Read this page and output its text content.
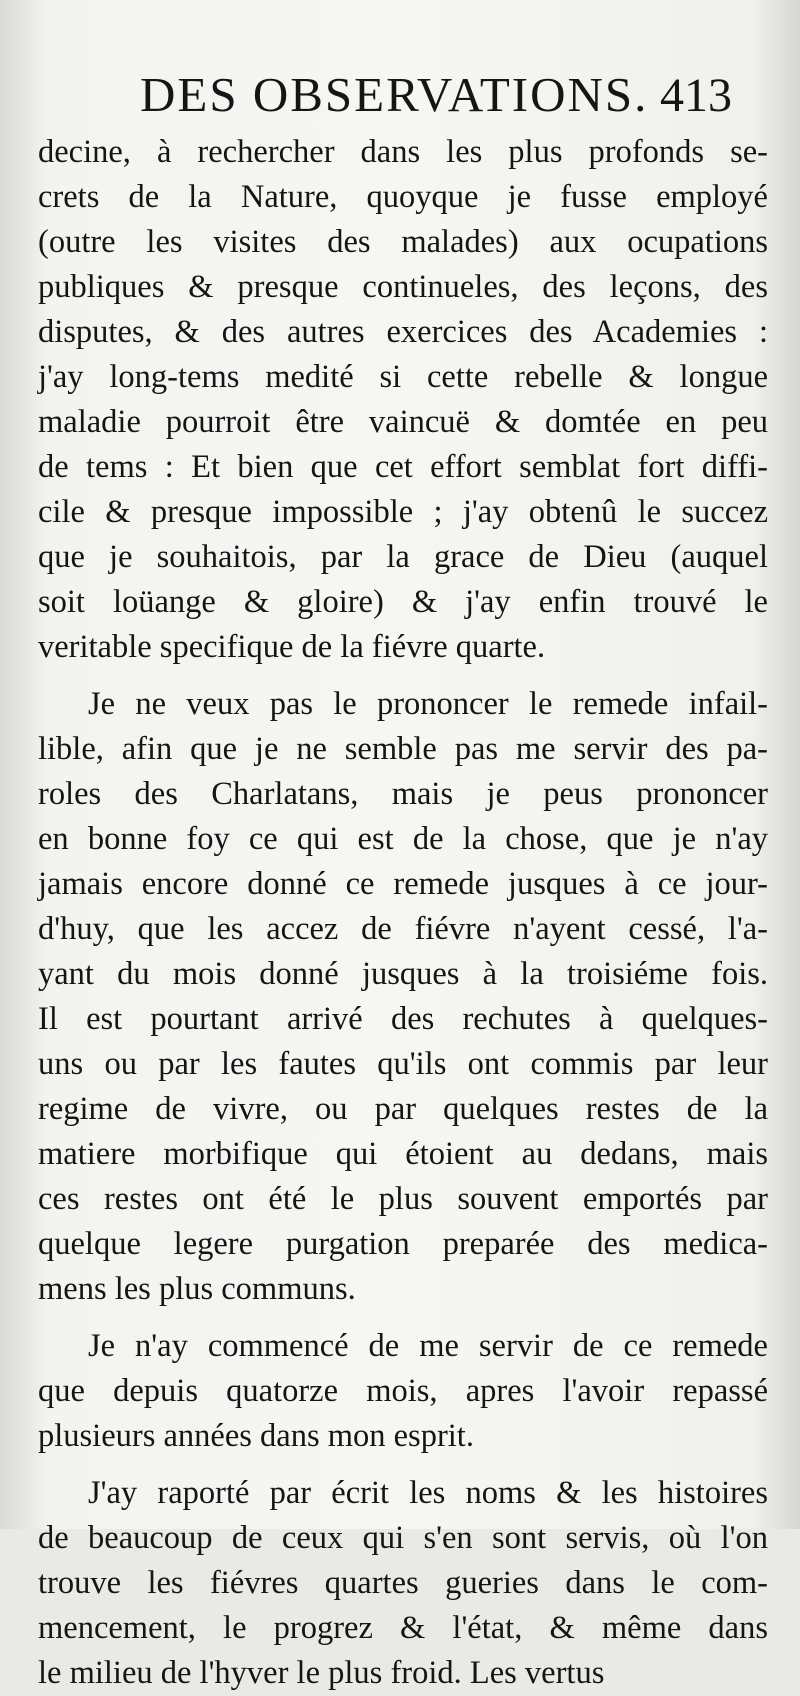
DES OBSERVATIONS. 413
decine, à rechercher dans les plus profonds se-
crets de la Nature, quoyque je fusse employé
(outre les visites des malades) aux ocupations
publiques & presque continueles, des leçons, des
disputes, & des autres exercices des Academies :
j'ay long-tems medité si cette rebelle & longue
maladie pourroit être vaincuë & domtée en peu
de tems : Et bien que cet effort semblat fort diffi-
cile & presque impossible ; j'ay obtenû le succez
que je souhaitois, par la grace de Dieu (auquel
soit loüange & gloire) & j'ay enfin trouvé le
veritable specifique de la fiévre quarte.
Je ne veux pas le prononcer le remede infail-
lible, afin que je ne semble pas me servir des pa-
roles des Charlatans, mais je peus prononcer
en bonne foy ce qui est de la chose, que je n'ay
jamais encore donné ce remede jusques à ce jour-
d'huy, que les accez de fiévre n'ayent cessé, l'a-
yant du mois donné jusques à la troisiéme fois.
Il est pourtant arrivé des rechutes à quelques-
uns ou par les fautes qu'ils ont commis par leur
regime de vivre, ou par quelques restes de la
matiere morbifique qui étoient au dedans, mais
ces restes ont été le plus souvent emportés par
quelque legere purgation preparée des medica-
mens les plus communs.
Je n'ay commencé de me servir de ce remede
que depuis quatorze mois, apres l'avoir repassé
plusieurs années dans mon esprit.
J'ay raporté par écrit les noms & les histoires
de beaucoup de ceux qui s'en sont servis, où l'on
trouve les fiévres quartes gueries dans le com-
mencement, le progrez & l'état, & même dans
le milieu de l'hyver le plus froid. Les vertus
